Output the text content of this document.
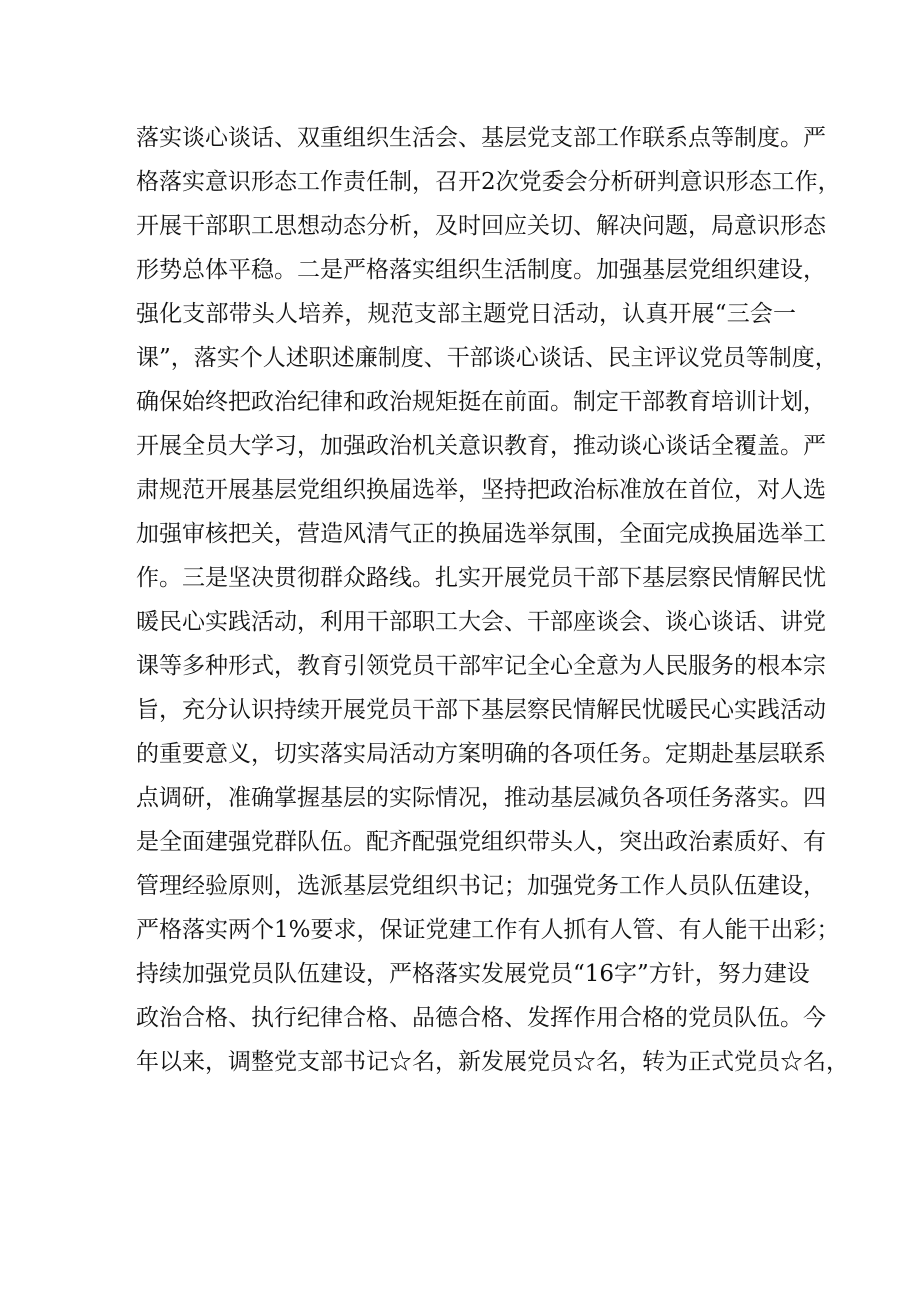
落实谈心谈话、双重组织生活会、基层党支部工作联系点等制度。严
格落实意识形态工作责任制，召开2次党委会分析研判意识形态工作，
开展干部职工思想动态分析，及时回应关切、解决问题，局意识形态
形势总体平稳。二是严格落实组织生活制度。加强基层党组织建设，
强化支部带头人培养，规范支部主题党日活动，认真开展“三会一
课”，落实个人述职述廉制度、干部谈心谈话、民主评议党员等制度，
确保始终把政治纪律和政治规矩挺在前面。制定干部教育培训计划，
开展全员大学习，加强政治机关意识教育，推动谈心谈话全覆盖。严
肃规范开展基层党组织换届选举，坚持把政治标准放在首位，对人选
加强审核把关，营造风清气正的换届选举氛围，全面完成换届选举工
作。三是坚决贯彻群众路线。扎实开展党员干部下基层察民情解民忧
暖民心实践活动，利用干部职工大会、干部座谈会、谈心谈话、讲党
课等多种形式，教育引领党员干部牢记全心全意为人民服务的根本宗
旨，充分认识持续开展党员干部下基层察民情解民忧暖民心实践活动
的重要意义，切实落实局活动方案明确的各项任务。定期赴基层联系
点调研，准确掌握基层的实际情况，推动基层减负各项任务落实。四
是全面建强党群队伍。配齐配强党组织带头人，突出政治素质好、有
管理经验原则，选派基层党组织书记；加强党务工作人员队伍建设，
严格落实两个1%要求，保证党建工作有人抓有人管、有人能干出彩；
持续加强党员队伍建设，严格落实发展党员“16字”方针，努力建设
政治合格、执行纪律合格、品德合格、发挥作用合格的党员队伍。今
年以来，调整党支部书记☆名，新发展党员☆名，转为正式党员☆名，
